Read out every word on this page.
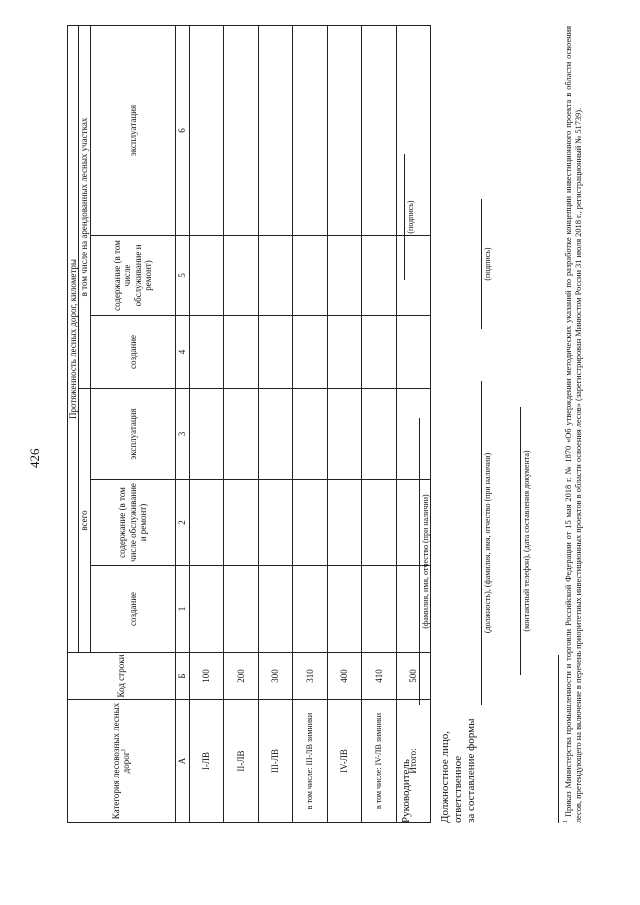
426
Категория лесовозных лесных дорог$^1$	Код строки	Протяженность лесных дорог, километры					
		всего			в том числе на арендованных лесных участках		
		создание	содержание (в том числе обслуживание и ремонт)	эксплуатация	создание	содержание (в том числе обслуживание и ремонт)	эксплуатация
А	Б	1	2	3	4	5	6
I-ЛВ	100						
II-ЛВ	200						
III-ЛВ	300						
в том числе: III-ЛВ зимники	310						
IV-ЛВ	400						
в том числе: IV-ЛВ зимники	410						
Итого:	500						
Руководитель
(фамилия, имя, отчество (при наличии)
(подпись)
Должностное лицо, ответственное за составление формы
(должность), (фамилия, имя, отчество (при наличии)
(подпись)
(контактный телефон), (дата составления документа)
$^1$ Приказ Министерства промышленности и торговли Российской Федерации от 15 мая 2018 г. № 1870 «Об утверждении методических указаний по разработке концепции инвестиционного проекта в области освоения лесов, претендующего на включение в перечень приоритетных инвестиционных проектов в области освоения лесов» (зарегистрирован Минюстом России 31 июля 2018 г., регистрационный № 51739).
